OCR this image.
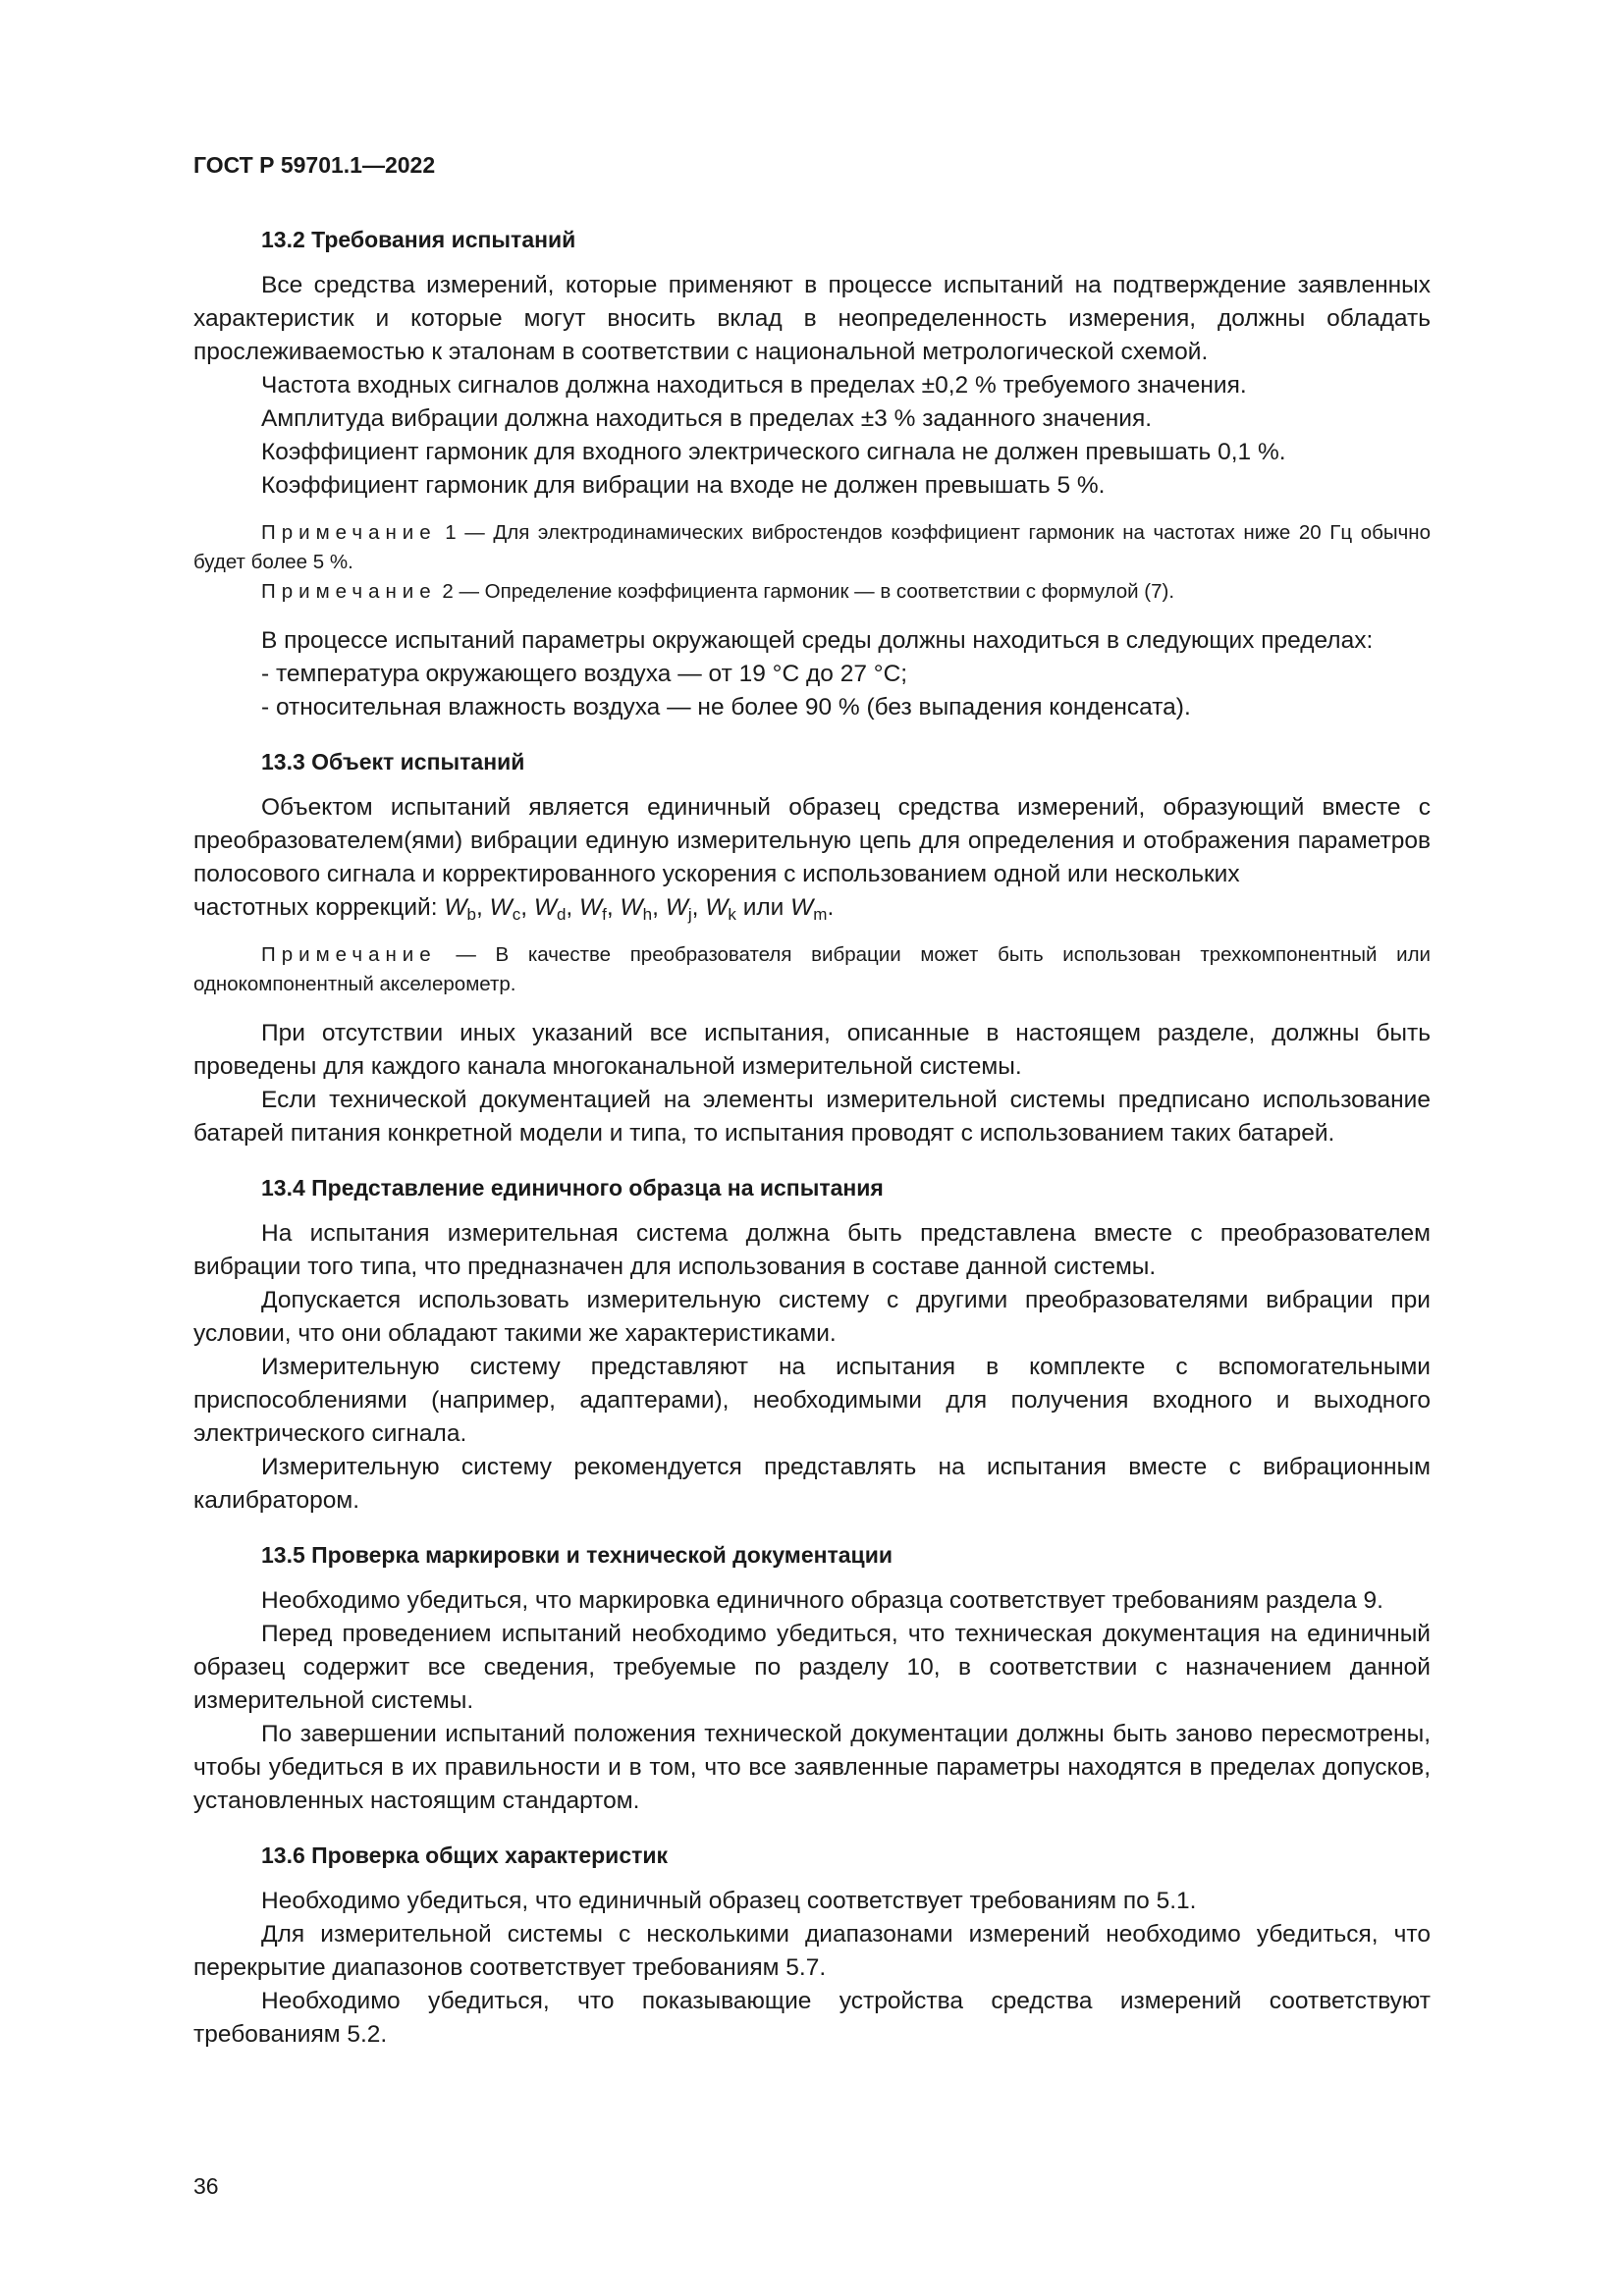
ГОСТ Р 59701.1—2022
13.2 Требования испытаний

Все средства измерений, которые применяют в процессе испытаний на подтверждение заявленных характеристик и которые могут вносить вклад в неопределенность измерения, должны обладать прослеживаемостью к эталонам в соответствии с национальной метрологической схемой.

Частота входных сигналов должна находиться в пределах ±0,2 % требуемого значения.

Амплитуда вибрации должна находиться в пределах ±3 % заданного значения.

Коэффициент гармоник для входного электрического сигнала не должен превышать 0,1 %.

Коэффициент гармоник для вибрации на входе не должен превышать 5 %.

Примечание 1 — Для электродинамических вибростендов коэффициент гармоник на частотах ниже 20 Гц обычно будет более 5 %.

Примечание 2 — Определение коэффициента гармоник — в соответствии с формулой (7).

В процессе испытаний параметры окружающей среды должны находиться в следующих пределах:

- температура окружающего воздуха — от 19 °С до 27 °С;

- относительная влажность воздуха — не более 90 % (без выпадения конденсата).

13.3 Объект испытаний

Объектом испытаний является единичный образец средства измерений, образующий вместе с преобразователем(ями) вибрации единую измерительную цепь для определения и отображения параметров полосового сигнала и корректированного ускорения с использованием одной или нескольких

частотных коррекций: $W_b$, $W_c$, $W_d$, $W_f$, $W_h$, $W_j$, $W_k$ или $W_m$.

Примечание — В качестве преобразователя вибрации может быть использован трехкомпонентный или однокомпонентный акселерометр.

При отсутствии иных указаний все испытания, описанные в настоящем разделе, должны быть проведены для каждого канала многоканальной измерительной системы.

Если технической документацией на элементы измерительной системы предписано использование батарей питания конкретной модели и типа, то испытания проводят с использованием таких батарей.

13.4 Представление единичного образца на испытания

На испытания измерительная система должна быть представлена вместе с преобразователем вибрации того типа, что предназначен для использования в составе данной системы.

Допускается использовать измерительную систему с другими преобразователями вибрации при условии, что они обладают такими же характеристиками.

Измерительную систему представляют на испытания в комплекте с вспомогательными приспособлениями (например, адаптерами), необходимыми для получения входного и выходного электрического сигнала.

Измерительную систему рекомендуется представлять на испытания вместе с вибрационным калибратором.

13.5 Проверка маркировки и технической документации

Необходимо убедиться, что маркировка единичного образца соответствует требованиям раздела 9.

Перед проведением испытаний необходимо убедиться, что техническая документация на единичный образец содержит все сведения, требуемые по разделу 10, в соответствии с назначением данной измерительной системы.

По завершении испытаний положения технической документации должны быть заново пересмотрены, чтобы убедиться в их правильности и в том, что все заявленные параметры находятся в пределах допусков, установленных настоящим стандартом.

13.6 Проверка общих характеристик

Необходимо убедиться, что единичный образец соответствует требованиям по 5.1.

Для измерительной системы с несколькими диапазонами измерений необходимо убедиться, что перекрытие диапазонов соответствует требованиям 5.7.

Необходимо убедиться, что показывающие устройства средства измерений соответствуют требованиям 5.2.

36
